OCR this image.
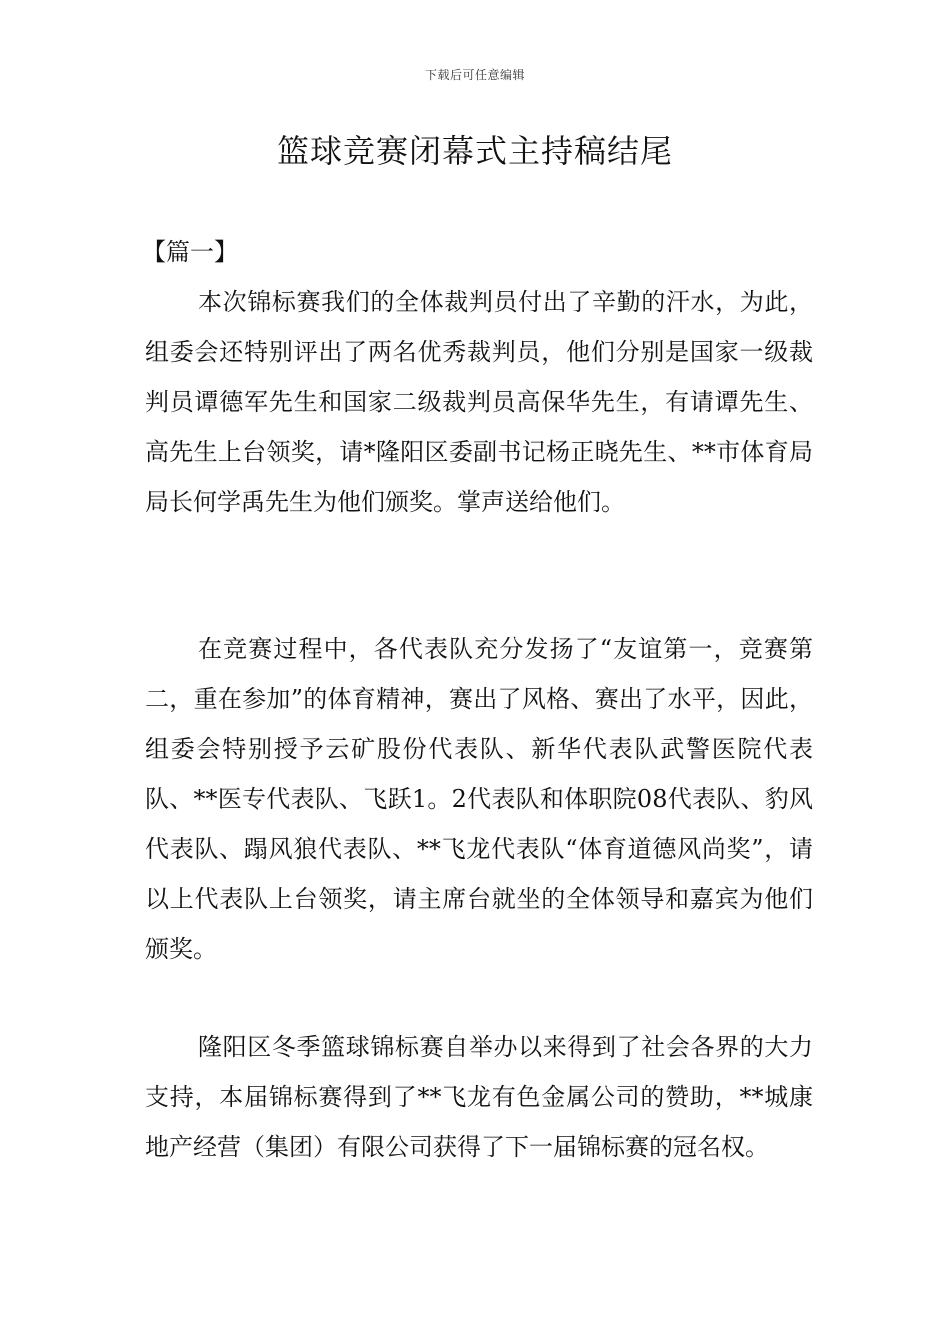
下载后可任意编辑
篮球竞赛闭幕式主持稿结尾

【篇一】

本次锦标赛我们的全体裁判员付出了辛勤的汗水，为此，组委会还特别评出了两名优秀裁判员，他们分别是国家一级裁判员谭德军先生和国家二级裁判员高保华先生，有请谭先生、高先生上台领奖，请*隆阳区委副书记杨正晓先生、**市体育局局长何学禹先生为他们颁奖。掌声送给他们。

在竞赛过程中，各代表队充分发扬了“友谊第一，竞赛第二，重在参加”的体育精神，赛出了风格、赛出了水平，因此，组委会特别授予云矿股份代表队、新华代表队武警医院代表队、**医专代表队、飞跃1。2代表队和体职院08代表队、豹风代表队、蹋风狼代表队、**飞龙代表队“体育道德风尚奖”，请以上代表队上台领奖，请主席台就坐的全体领导和嘉宾为他们颁奖。

隆阳区冬季篮球锦标赛自举办以来得到了社会各界的大力支持，本届锦标赛得到了**飞龙有色金属公司的赞助，**城康地产经营（集团）有限公司获得了下一届锦标赛的冠名权。
